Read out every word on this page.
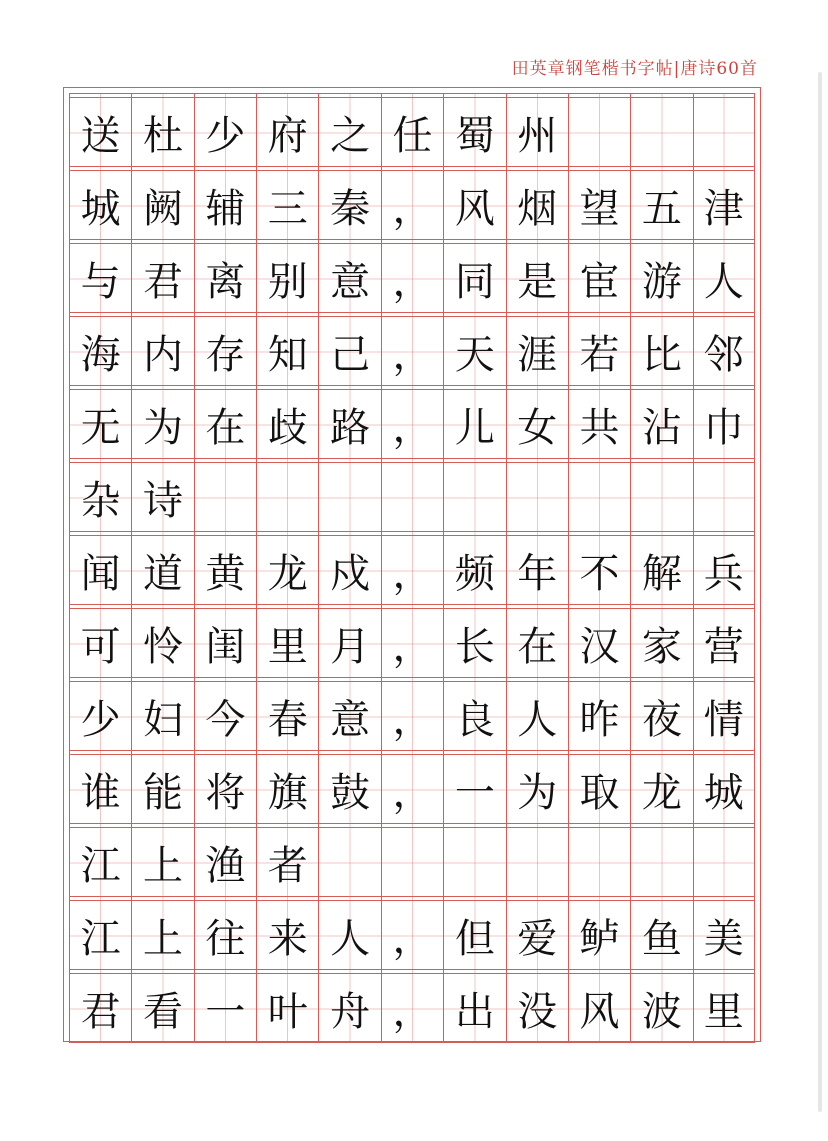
田英章钢笔楷书字帖|唐诗60首
送 杜 少 府 之 任 蜀 州
城 阙 辅 三 秦 ， 风 烟 望 五 津
与 君 离 别 意 ， 同 是 宦 游 人
海 内 存 知 己 ， 天 涯 若 比 邻
无 为 在 歧 路 ， 儿 女 共 沾 巾
杂 诗
闻 道 黄 龙 戍 ， 频 年 不 解 兵
可 怜 闺 里 月 ， 长 在 汉 家 营
少 妇 今 春 意 ， 良 人 昨 夜 情
谁 能 将 旗 鼓 ， 一 为 取 龙 城
江 上 渔 者
江 上 往 来 人 ， 但 爱 鲈 鱼 美
君 看 一 叶 舟 ， 出 没 风 波 里
